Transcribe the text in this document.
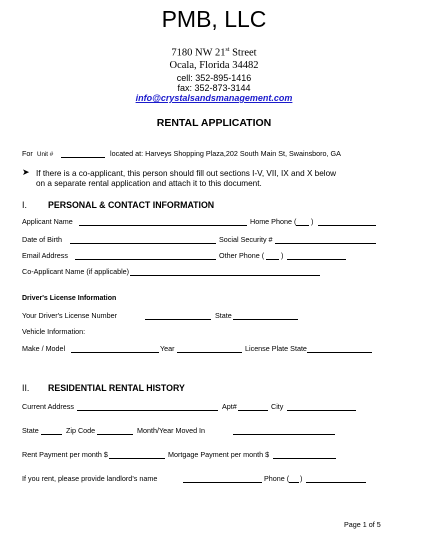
PMB, LLC
7180 NW 21st Street
Ocala, Florida 34482
cell: 352-895-1416
fax: 352-873-3144
info@crystalsandsmanagement.com
RENTAL APPLICATION
For Unit #	located at: Harveys Shopping Plaza,202 South Main St, Swainsboro, GA
➤ If there is a co-applicant, this person should fill out sections I-V, VII, IX and X below
on a separate rental application and attach it to this document.
I. PERSONAL & CONTACT INFORMATION
Applicant Name	Home Phone ( )
Date of Birth	Social Security #
Email Address	Other Phone ( )
Co-Applicant Name (if applicable)
Driver's License Information
Your Driver's License Number	State
Vehicle Information:
Make / Model	Year	License Plate State
II. RESIDENTIAL RENTAL HISTORY
Current Address	Apt#	City
State	Zip Code	Month/Year Moved In
Rent Payment per month $	Mortgage Payment per month $
If you rent, please provide landlord’s name	Phone ( )
Page 1 of 5
